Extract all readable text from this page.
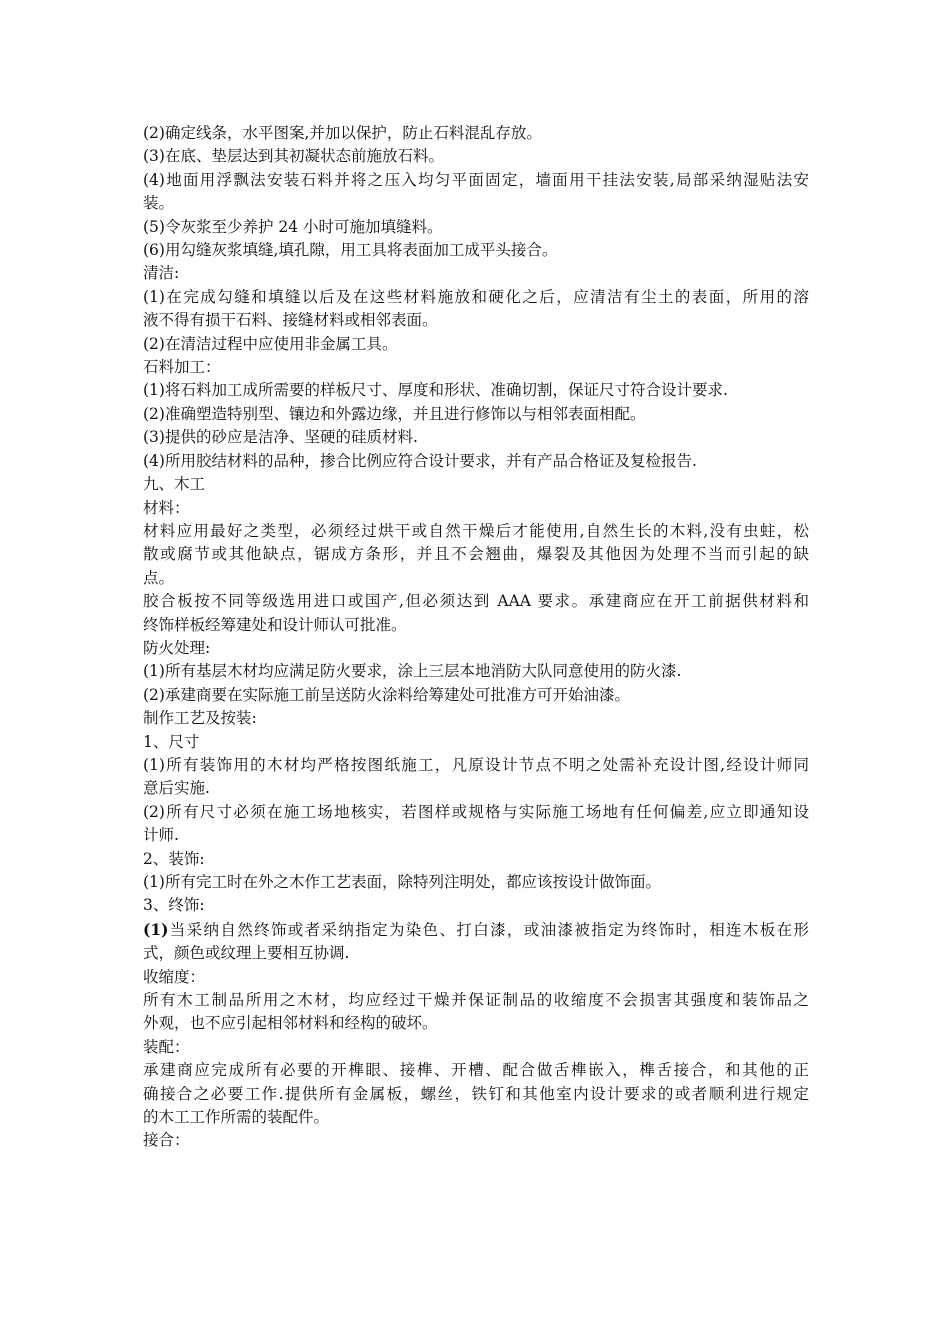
(2)确定线条，水平图案,并加以保护，防止石料混乱存放。
(3)在底、垫层达到其初凝状态前施放石料。
(4)地面用浮飘法安装石料并将之压入均匀平面固定，墙面用干挂法安装,局部采纳湿贴法安
装。
(5)令灰浆至少养护 24 小时可施加填缝料。
(6)用勾缝灰浆填缝,填孔隙，用工具将表面加工成平头接合。
清洁:
(1)在完成勾缝和填缝以后及在这些材料施放和硬化之后，应清洁有尘土的表面，所用的溶
液不得有损干石料、接缝材料或相邻表面。
(2)在清洁过程中应使用非金属工具。
石料加工：
(1)将石料加工成所需要的样板尺寸、厚度和形状、准确切割，保证尺寸符合设计要求.
(2)准确塑造特别型、镶边和外露边缘，并且进行修饰以与相邻表面相配。
(3)提供的砂应是洁净、坚硬的硅质材料.
(4)所用胶结材料的品种，掺合比例应符合设计要求，并有产品合格证及复检报告.
九、木工
材料：
材料应用最好之类型，必须经过烘干或自然干燥后才能使用,自然生长的木料,没有虫蛀，松
散或腐节或其他缺点，锯成方条形，并且不会翘曲，爆裂及其他因为处理不当而引起的缺
点。
胶合板按不同等级选用进口或国产,但必须达到 AAA 要求。承建商应在开工前据供材料和
终饰样板经筹建处和设计师认可批准。
防火处理:
(1)所有基层木材均应满足防火要求，涂上三层本地消防大队同意使用的防火漆.
(2)承建商要在实际施工前呈送防火涂料给筹建处可批准方可开始油漆。
制作工艺及按装:
1、尺寸
(1)所有装饰用的木材均严格按图纸施工，凡原设计节点不明之处需补充设计图,经设计师同
意后实施.
(2)所有尺寸必须在施工场地核实，若图样或规格与实际施工场地有任何偏差,应立即通知设
计师.
2、装饰:
(1)所有完工时在外之木作工艺表面，除特列注明处，都应该按设计做饰面。
3、终饰:
(1)当采纳自然终饰或者采纳指定为染色、打白漆，或油漆被指定为终饰时，相连木板在形
式，颜色或纹理上要相互协调.
收缩度：
所有木工制品所用之木材，均应经过干燥并保证制品的收缩度不会损害其强度和装饰品之
外观，也不应引起相邻材料和经构的破坏。
装配：
承建商应完成所有必要的开榫眼、接榫、开槽、配合做舌榫嵌入，榫舌接合，和其他的正
确接合之必要工作.提供所有金属板，螺丝，铁钉和其他室内设计要求的或者顺利进行规定
的木工工作所需的装配件。
接合：
